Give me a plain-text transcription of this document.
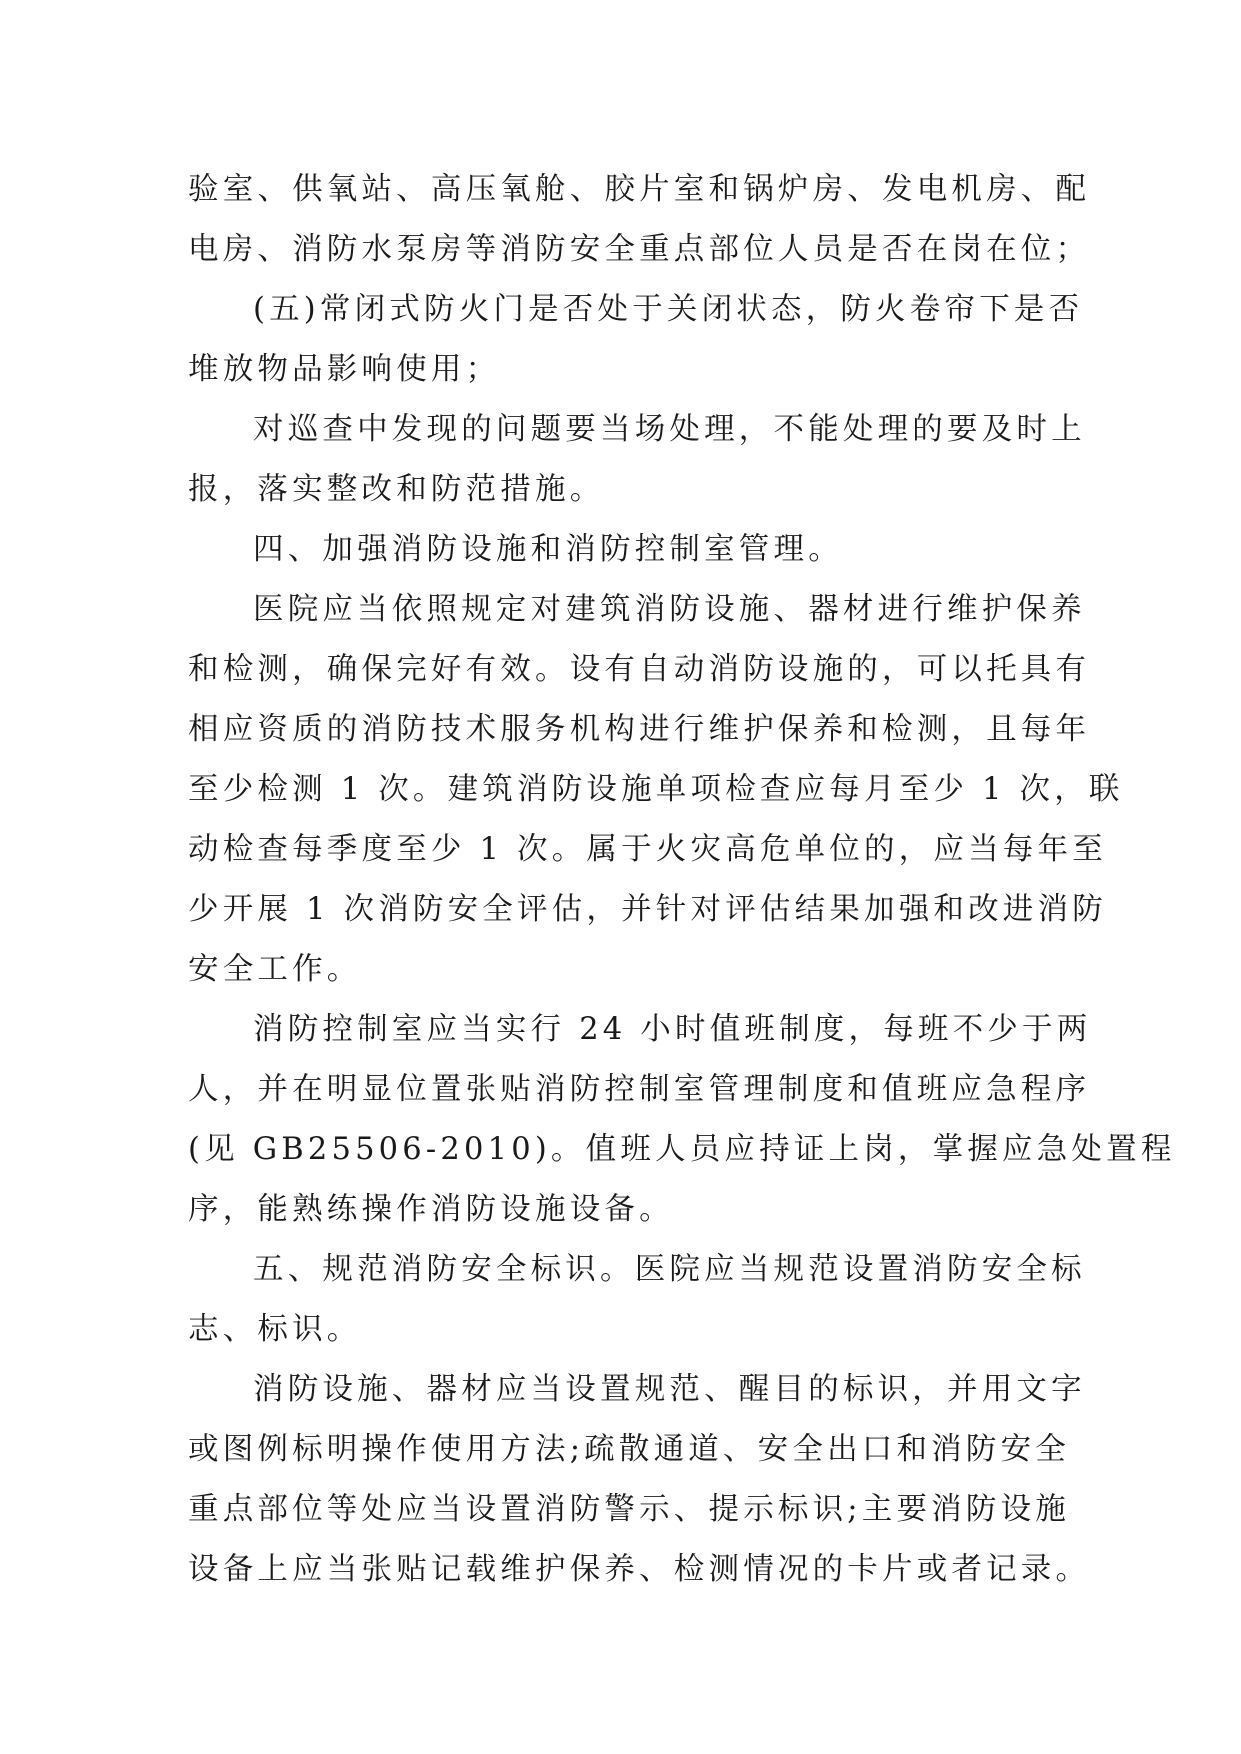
验室、供氧站、高压氧舱、胶片室和锅炉房、发电机房、配
电房、消防水泵房等消防安全重点部位人员是否在岗在位；
(五)常闭式防火门是否处于关闭状态，防火卷帘下是否
堆放物品影响使用；
对巡查中发现的问题要当场处理，不能处理的要及时上
报，落实整改和防范措施。
四、加强消防设施和消防控制室管理。
医院应当依照规定对建筑消防设施、器材进行维护保养
和检测，确保完好有效。设有自动消防设施的，可以托具有
相应资质的消防技术服务机构进行维护保养和检测，且每年
至少检测 1 次。建筑消防设施单项检查应每月至少 1 次，联
动检查每季度至少 1 次。属于火灾高危单位的，应当每年至
少开展 1 次消防安全评估，并针对评估结果加强和改进消防
安全工作。
消防控制室应当实行 24 小时值班制度，每班不少于两
人，并在明显位置张贴消防控制室管理制度和值班应急程序
(见 GB25506-2010)。值班人员应持证上岗，掌握应急处置程
序，能熟练操作消防设施设备。
五、规范消防安全标识。医院应当规范设置消防安全标
志、标识。
消防设施、器材应当设置规范、醒目的标识，并用文字
或图例标明操作使用方法;疏散通道、安全出口和消防安全
重点部位等处应当设置消防警示、提示标识;主要消防设施
设备上应当张贴记载维护保养、检测情况的卡片或者记录。
